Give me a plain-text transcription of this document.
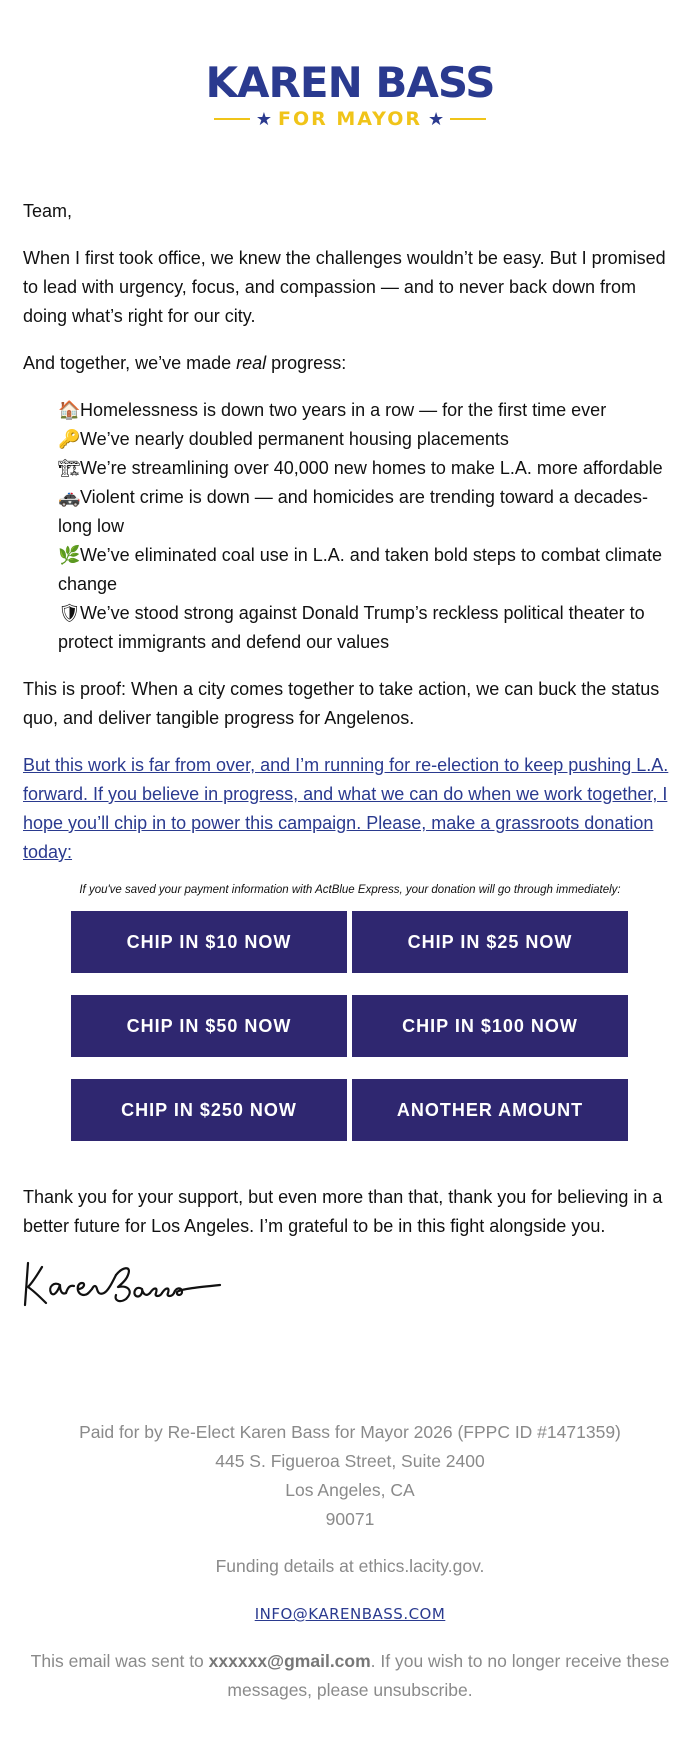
KAREN BASS
★ FOR MAYOR ★

Team,

When I first took office, we knew the challenges wouldn’t be easy. But I promised to lead with urgency, focus, and compassion — and to never back down from doing what’s right for our city.

And together, we’ve made real progress:

🏠Homelessness is down two years in a row — for the first time ever
🔑We’ve nearly doubled permanent housing placements
🏗We’re streamlining over 40,000 new homes to make L.A. more affordable
🚓Violent crime is down — and homicides are trending toward a decades-long low
🌿We’ve eliminated coal use in L.A. and taken bold steps to combat climate change
🛡We’ve stood strong against Donald Trump’s reckless political theater to protect immigrants and defend our values

This is proof: When a city comes together to take action, we can buck the status quo, and deliver tangible progress for Angelenos.

But this work is far from over, and I’m running for re-election to keep pushing L.A. forward. If you believe in progress, and what we can do when we work together, I hope you’ll chip in to power this campaign. Please, make a grassroots donation today:

If you've saved your payment information with ActBlue Express, your donation will go through immediately:
CHIP IN $10 NOW	CHIP IN $25 NOW
CHIP IN $50 NOW	CHIP IN $100 NOW
CHIP IN $250 NOW	ANOTHER AMOUNT

Thank you for your support, but even more than that, thank you for believing in a better future for Los Angeles. I’m grateful to be in this fight alongside you.

Paid for by Re-Elect Karen Bass for Mayor 2026 (FPPC ID #1471359)

445 S. Figueroa Street, Suite 2400

Los Angeles, CA

90071

Funding details at ethics.lacity.gov.

INFO@KARENBASS.COM

This email was sent to xxxxxx@gmail.com. If you wish to no longer receive these messages, please unsubscribe.
